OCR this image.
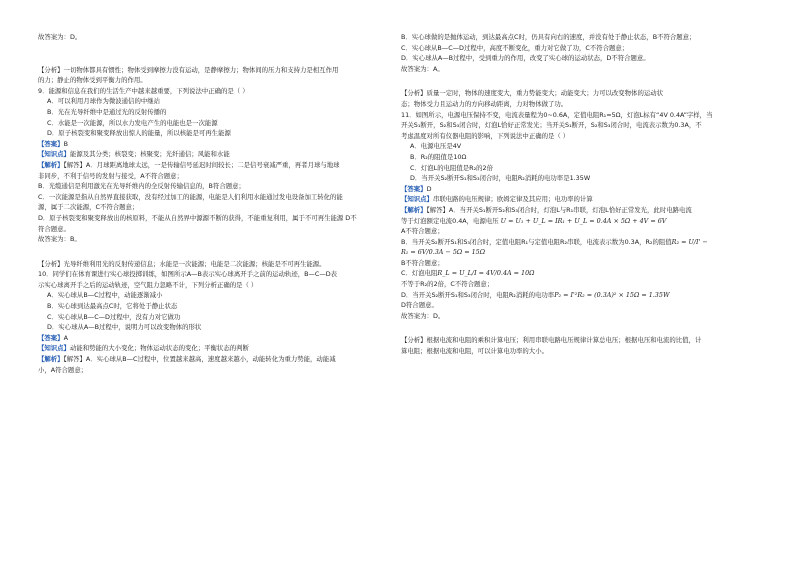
故答案为：D。
【分析】一切物体都具有惯性；物体受到摩擦力没有运动，是静摩擦力；物体间的压力和支持力是相互作用
的力；静止的物体受到平衡力的作用。
9．能源和信息在我们的生活生产中越来越重要，下列说法中正确的是（ ）
A．可以利用月球作为微波通信的中继站
B．光在光导纤维中是通过光的反射传播的
C．水能是一次能源，所以水力发电产生的电能也是一次能源
D．原子核裂变和聚变释放出惊人的能量，所以核能是可再生能源
【答案】B
【知识点】能源及其分类；核裂变；核聚变；光纤通信；风能和水能
【解析】【解答】A．月球距离地球太远，一是传输信号延迟时间较长；二是信号衰减严重，再者月球与地球
非同步，不利于信号的发射与接受，A不符合题意；
B．光缆通信是利用激光在光导纤维内的全反射传输信息的，B符合题意；
C．一次能源是指从自然界直接获取，没有经过加工的能源，电能是人们利用水能通过发电设备加工转化的能
源，属于二次能源，C不符合题意；
D．原子核裂变和聚变释放出的核原料，不能从自然界中源源不断的获得，不能重复利用，属于不可再生能源 D不
符合题意。
故答案为：B。
【分析】光导纤维利用光的反射传递信息；水能是一次能源；电能是二次能源；核能是不可再生能源。
10．同学们在体育课进行实心球投掷训练，如图所示A—B表示实心球离开手之前的运动轨迹，B—C—D表
示实心球离开手之后的运动轨迹，空气阻力忽略不计，下列分析正确的是（ ）
A．实心球从B—C过程中，动能逐渐减小
B．实心球到达最高点C时，它将处于静止状态
C．实心球从B—C—D过程中，没有力对它做功
D．实心球从A—B过程中，说明力可以改变物体的形状
【答案】A
【知识点】动能和势能的大小变化；物体运动状态的变化；平衡状态的判断
【解析】【解答】A．实心球从B—C过程中，位置越来越高，速度越来越小，动能转化为重力势能，动能减
小，A符合题意；
B．实心球做的是抛体运动，到达最高点C时，仍具有向右的速度，并没有处于静止状态，B不符合题意；
C．实心球从B—C—D过程中，高度不断变化，重力对它做了功，C不符合题意；
D．实心球从A—B过程中，受到重力的作用，改变了实心球的运动状态，D不符合题意。
故答案为：A。
【分析】质量一定时，物体的速度变大，重力势能变大；动能变大；力可以改变物体的运动状
态；物体受力且运动力的方向移动距离，力对物体做了功。
11．如图所示，电源电压保持不变，电流表量程为0~0.6A，定值电阻R₁=5Ω，灯泡L标有“4V 0.4A”字样，当
开关S₁断开，S₂和S₃闭合时，灯泡L恰好正常发光；当开关S₁断开，S₂和S₃闭合时，电流表示数为0.3A，不
考虑温度对所有仪器电阻的影响，下列说法中正确的是（ ）
A．电源电压是4V
B．R₂的阻值是10Ω
C．灯泡L的电阻值是R₂的2倍
D．当开关S₂断开S₁和S₃闭合时，电阻R₂消耗的电功率是1.35W
【答案】D
【知识点】串联电路的电压规律；欧姆定律及其应用；电功率的计算
【解析】【解答】A．当开关S₁断开S₂和S₃闭合时，灯泡L与R₁串联，灯泡L恰好正常发光，此时电路电流
等于灯泡额定电流0.4A，电源电压 U = U₁ + U_L = IR₁ + U_L = 0.4A × 5Ω + 4V = 6V
A不符合题意；
B．当开关S₂断开S₁和S₃闭合时，定值电阻R₁与定值电阻R₂串联，电流表示数为0.3A，R₂的阻值R₂ = U/I' −
R₁ = 6V/0.3A − 5Ω = 15Ω
B不符合题意；
C．灯泡电阻R_L = U_L/I = 4V/0.4A = 10Ω
不等于R₂的2倍，C不符合题意；
D．当开关S₂断开S₁和S₃闭合时，电阻R₂消耗的电功率P₂ = I'²R₂ = (0.3A)² × 15Ω = 1.35W
D符合题意。
故答案为：D。
【分析】根据电流和电阻的乘积计算电压；利用串联电路电压规律计算总电压；根据电压和电流的比值，计
算电阻；根据电流和电阻，可以计算电功率的大小。
